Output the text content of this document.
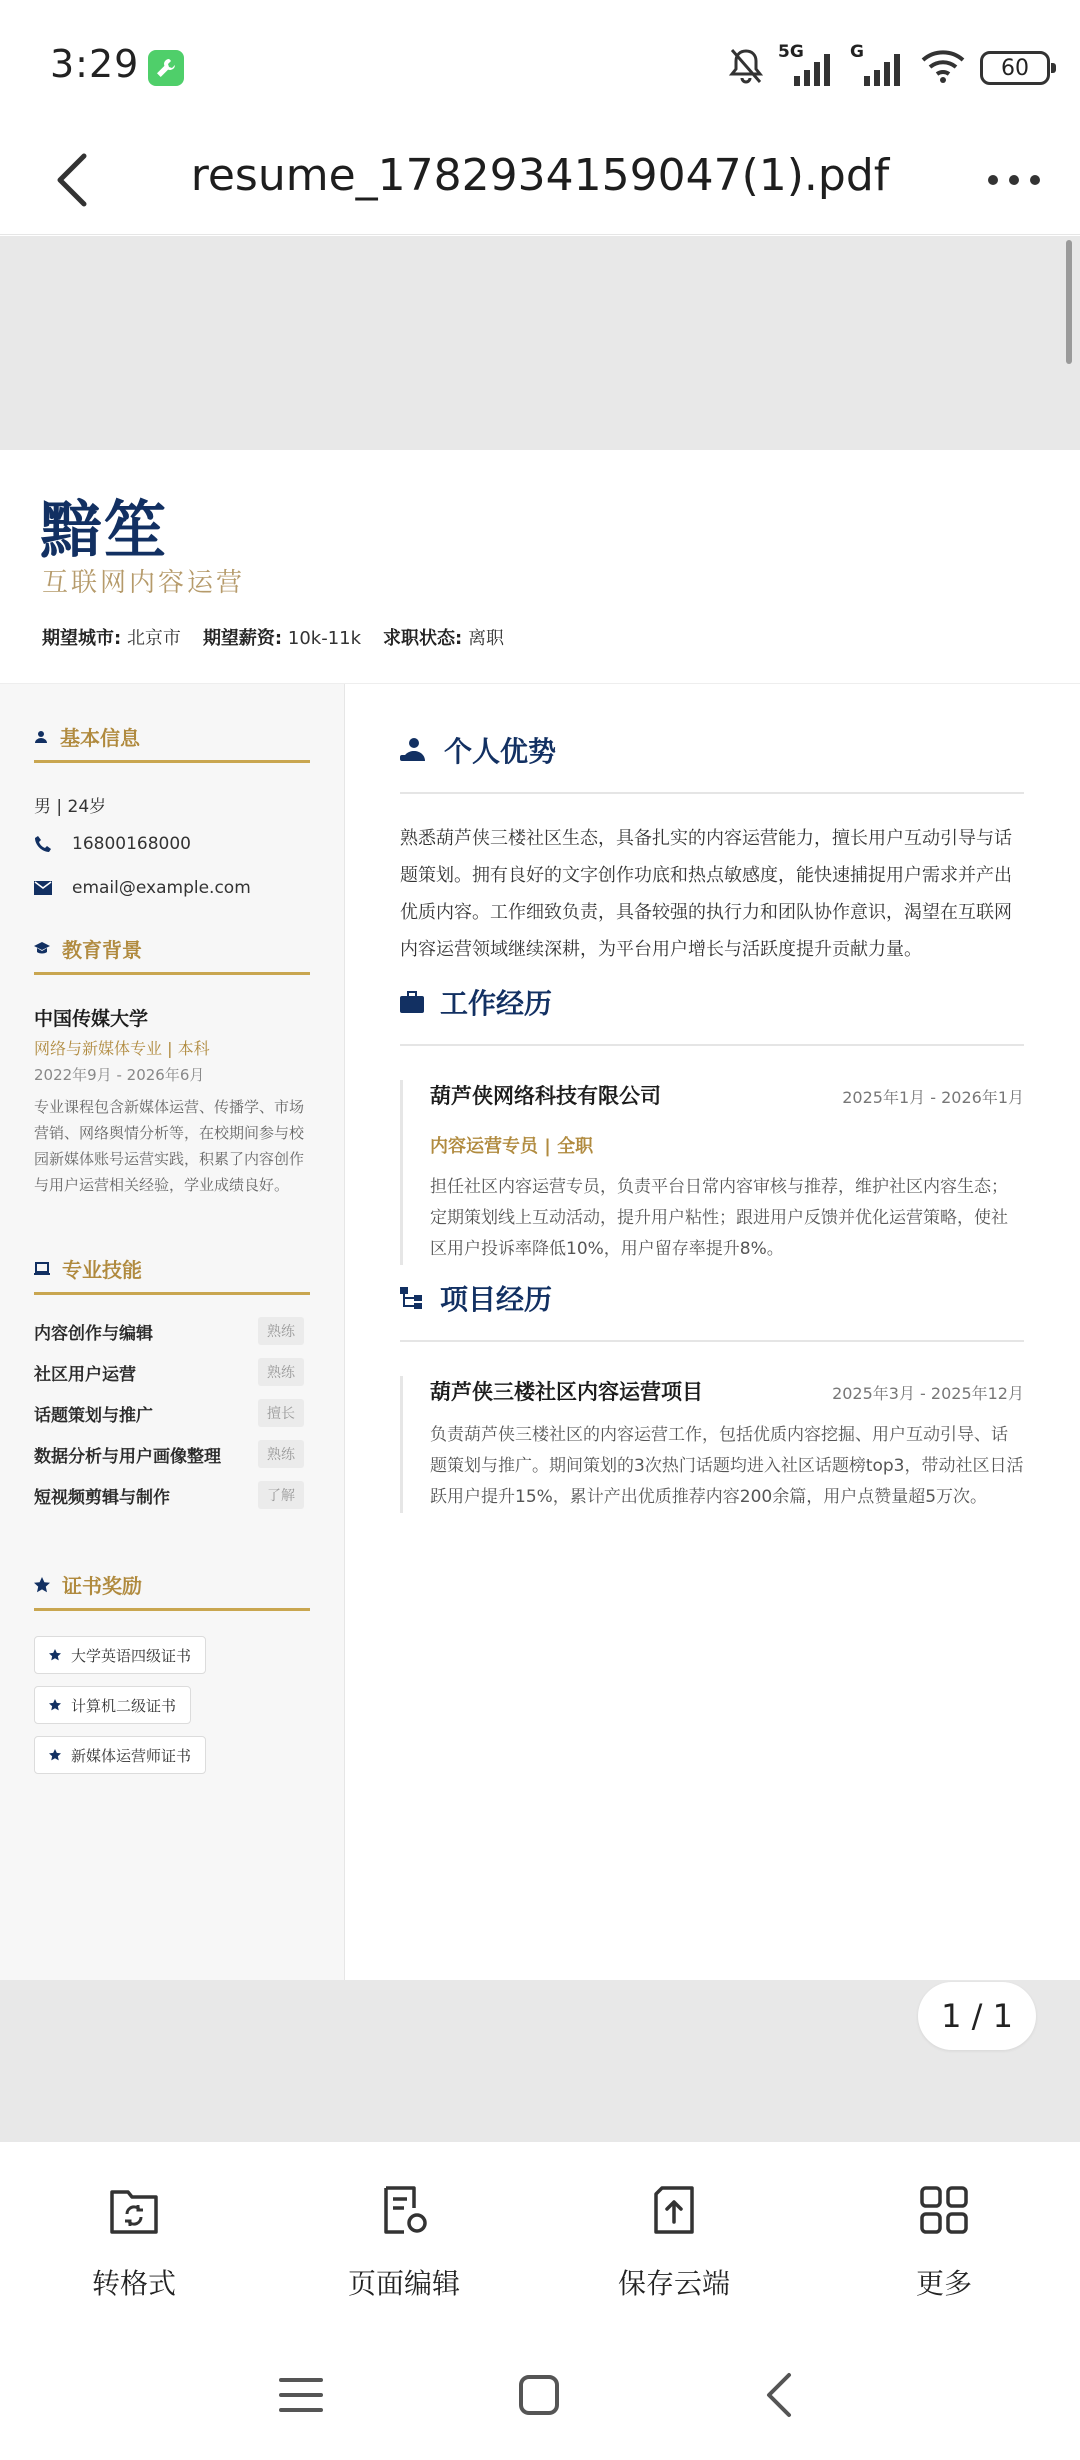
3:29	5G	G
60
resume_1782934159047(1).pdf
黯笙
互联网内容运营
期望城市: 北京市 期望薪资: 10k-11k 求职状态: 离职
基本信息
男 | 24岁
16800168000
email@example.com
教育背景
中国传媒大学
网络与新媒体专业 | 本科
2022年9月 - 2026年6月
专业课程包含新媒体运营、传播学、市场营销、网络舆情分析等，在校期间参与校园新媒体账号运营实践，积累了内容创作与用户运营相关经验，学业成绩良好。
专业技能
内容创作与编辑	熟练
社区用户运营	熟练
话题策划与推广	擅长
数据分析与用户画像整理	熟练
短视频剪辑与制作	了解
证书奖励
大学英语四级证书
计算机二级证书
新媒体运营师证书
个人优势
熟悉葫芦侠三楼社区生态，具备扎实的内容运营能力，擅长用户互动引导与话题策划。拥有良好的文字创作功底和热点敏感度，能快速捕捉用户需求并产出优质内容。工作细致负责，具备较强的执行力和团队协作意识，渴望在互联网内容运营领域继续深耕，为平台用户增长与活跃度提升贡献力量。
工作经历
葫芦侠网络科技有限公司	2025年1月 - 2026年1月
内容运营专员 | 全职
担任社区内容运营专员，负责平台日常内容审核与推荐，维护社区内容生态；定期策划线上互动活动，提升用户粘性；跟进用户反馈并优化运营策略，使社区用户投诉率降低10%，用户留存率提升8%。
项目经历
葫芦侠三楼社区内容运营项目	2025年3月 - 2025年12月
负责葫芦侠三楼社区的内容运营工作，包括优质内容挖掘、用户互动引导、话题策划与推广。期间策划的3次热门话题均进入社区话题榜top3，带动社区日活跃用户提升15%，累计产出优质推荐内容200余篇，用户点赞量超5万次。
1 / 1
转格式	页面编辑	保存云端	更多
